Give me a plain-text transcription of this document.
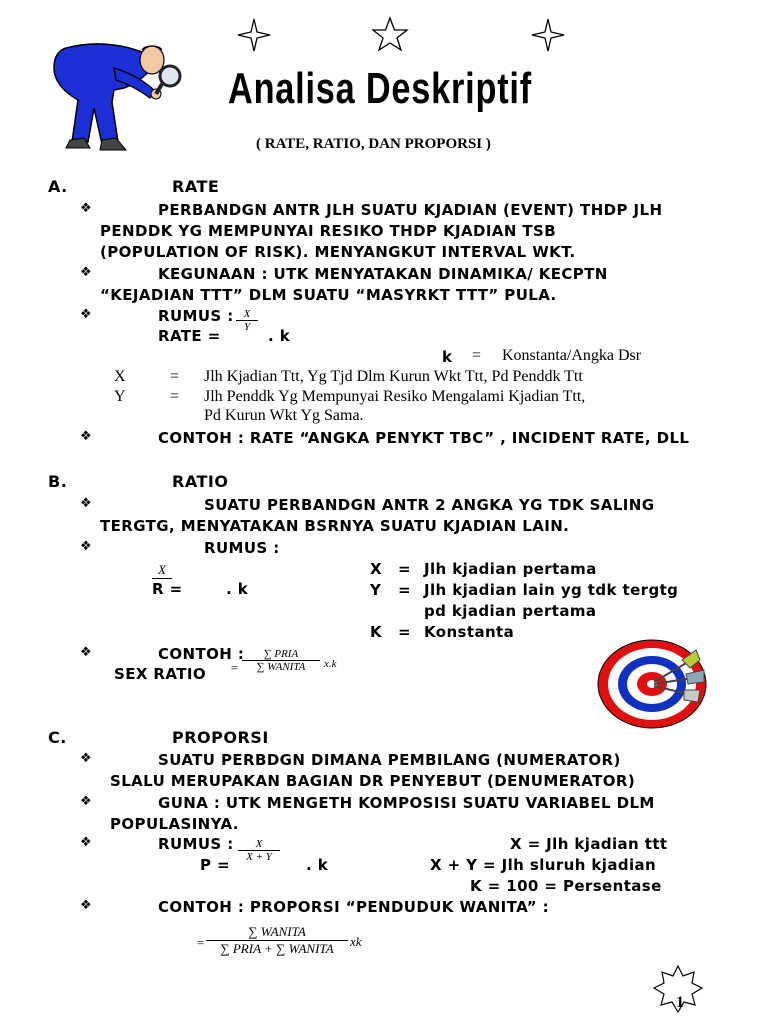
Analisa Deskriptif
( RATE, RATIO, DAN PROPORSI )
A.	RATE
❖	PERBANDGN ANTR JLH SUATU KJADIAN (EVENT) THDP JLH
PENDDK YG MEMPUNYAI RESIKO THDP KJADIAN TSB
(POPULATION OF RISK). MENYANGKUT INTERVAL WKT.
❖	KEGUNAAN : UTK MENYATAKAN DINAMIKA/ KECPTN
“KEJADIAN TTT” DLM SUATU “MASYRKT TTT” PULA.
❖	RUMUS :
RATE =
X
Y	. k
k = Konstanta/Angka Dsr
X	= Jlh Kjadian Ttt, Yg Tjd Dlm Kurun Wkt Ttt, Pd Penddk Ttt
Y	= Jlh Penddk Yg Mempunyai Resiko Mengalami Kjadian Ttt,
Pd Kurun Wkt Yg Sama.
❖	CONTOH : RATE “ANGKA PENYKT TBC” , INCIDENT RATE, DLL
B.	RATIO
❖	SUATU PERBANDGN ANTR 2 ANGKA YG TDK SALING
TERGTG, MENYATAKAN BSRNYA SUATU KJADIAN LAIN.
❖	RUMUS :
X
R =	. k
X = Jlh kjadian pertama
Y = Jlh kjadian lain yg tdk tergtg
pd kjadian pertama
K = Konstanta
❖	CONTOH :
SEX RATIO =
∑ PRIA
∑ WANITA	x.k
C.	PROPORSI
❖	SUATU PERBDGN DIMANA PEMBILANG (NUMERATOR)
SLALU MERUPAKAN BAGIAN DR PENYEBUT (DENUMERATOR)
❖	GUNA : UTK MENGETH KOMPOSISI SUATU VARIABEL DLM
POPULASINYA.
❖	RUMUS :
P =
X
X + Y	. k
X = Jlh kjadian ttt
X + Y = Jlh sluruh kjadian
K = 100 = Persentase
❖	CONTOH : PROPORSI “PENDUDUK WANITA” :
=
∑ WANITA
∑ PRIA + ∑ WANITA	xk
1
